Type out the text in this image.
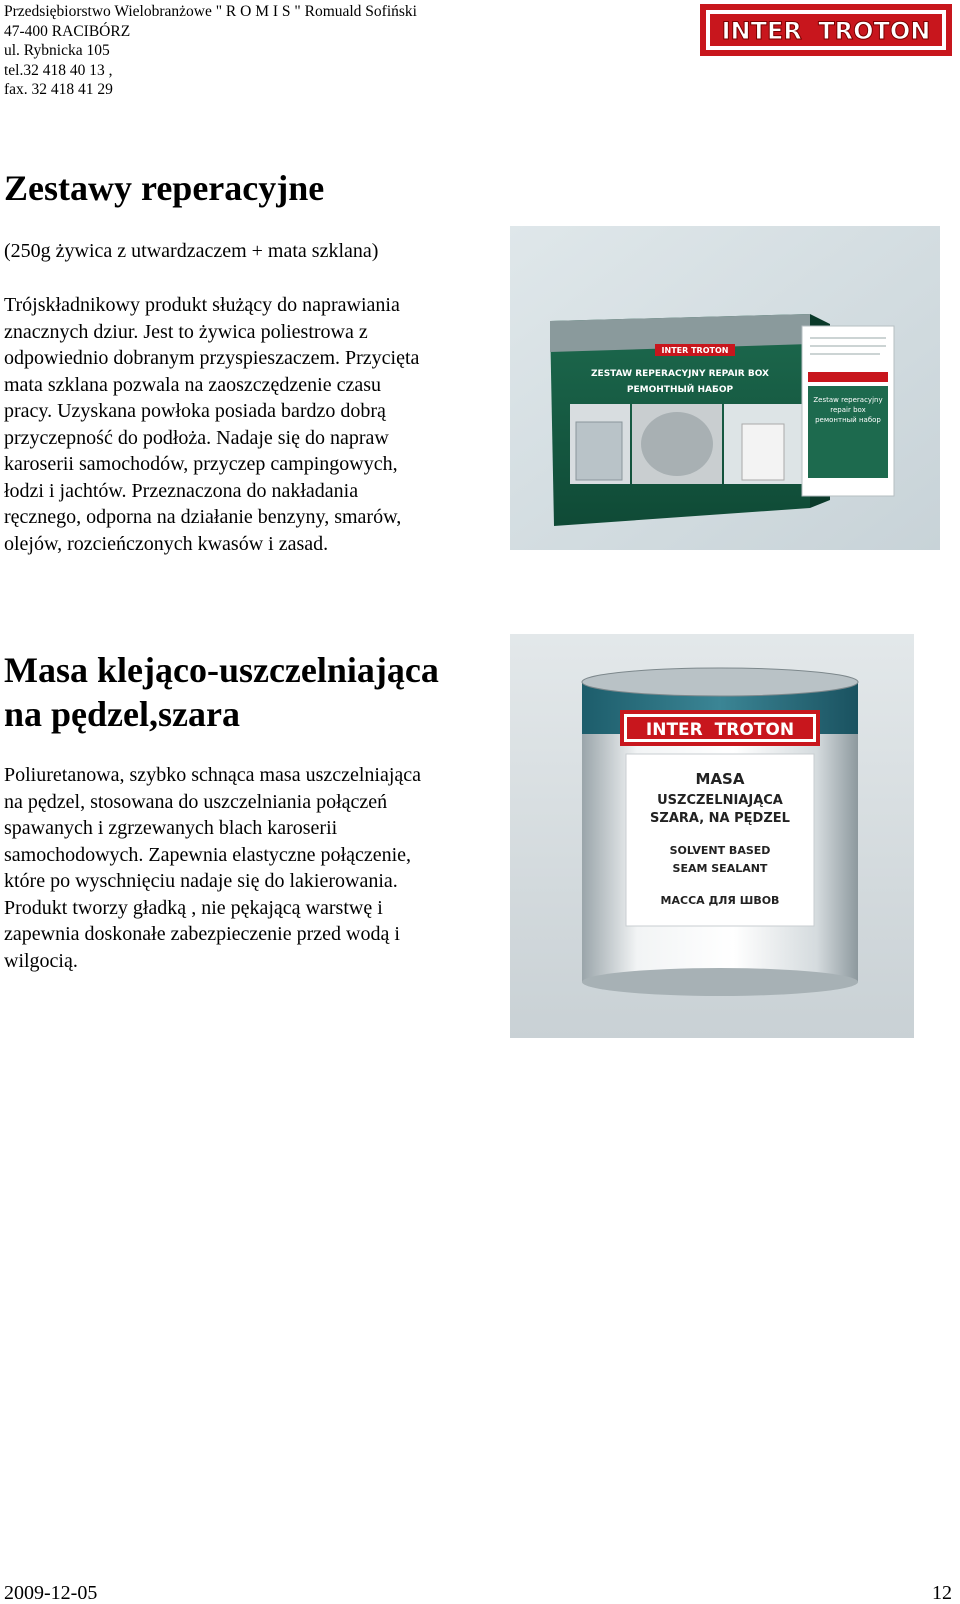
Przedsiębiorstwo Wielobranżowe " R O M I S " Romuald Sofiński
47-400 RACIBÓRZ
ul. Rybnicka 105
tel.32 418 40 13 ,
fax. 32 418 41 29
INTER TROTON
Zestawy reperacyjne
(250g żywica z utwardzaczem + mata szklana)
Trójskładnikowy produkt służący do naprawiania
znacznych dziur. Jest to żywica poliestrowa z
odpowiednio dobranym przyspieszaczem. Przycięta
mata szklana pozwala na zaoszczędzenie czasu
pracy. Uzyskana powłoka posiada bardzo dobrą
przyczepność do podłoża. Nadaje się do napraw
karoserii samochodów, przyczep campingowych,
łodzi i jachtów. Przeznaczona do nakładania
ręcznego, odporna na działanie benzyny, smarów,
olejów, rozcieńczonych kwasów i zasad.
INTER TROTON
ZESTAW REPERACYJNY REPAIR BOX
РЕМОНТНЫЙ НАБОР
Zestaw reperacyjny
repair box
ремонтный набор
Masa klejąco-uszczelniająca
na pędzel,szara
Poliuretanowa, szybko schnąca masa uszczelniająca
na pędzel, stosowana do uszczelniania połączeń
spawanych i zgrzewanych blach karoserii
samochodowych. Zapewnia elastyczne połączenie,
które po wyschnięciu nadaje się do lakierowania.
Produkt tworzy gładką , nie pękającą warstwę i
zapewnia doskonałe zabezpieczenie przed wodą i
wilgocią.
INTER TROTON
MASA
USZCZELNIAJĄCA
SZARA, NA PĘDZEL
SOLVENT BASED
SEAM SEALANT
МАССА ДЛЯ ШВОВ
2009-12-05	12
